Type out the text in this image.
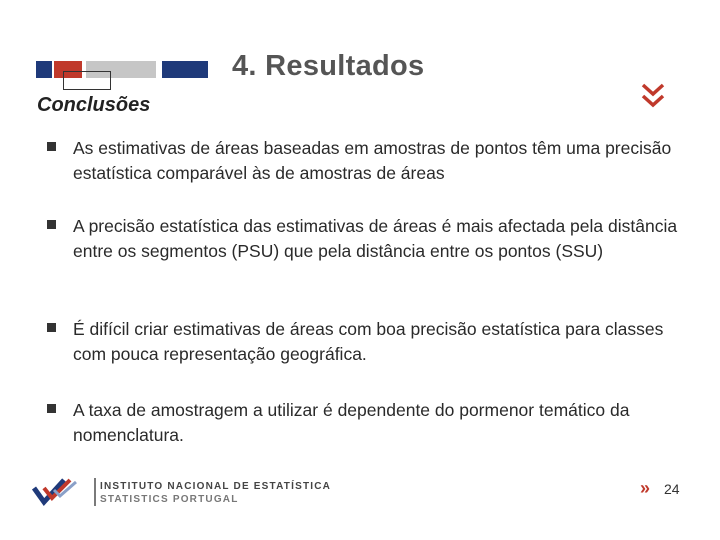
4. Resultados
Conclusões
As estimativas de áreas baseadas em amostras de pontos têm uma precisão estatística comparável às de amostras de áreas
A precisão estatística das estimativas de áreas é mais afectada pela distância entre os segmentos (PSU) que pela distância entre os pontos (SSU)
É difícil criar estimativas de áreas com boa precisão estatística para classes com pouca representação geográfica.
A taxa de amostragem a utilizar é dependente do pormenor temático da nomenclatura.
INSTITUTO NACIONAL DE ESTATÍSTICA
STATISTICS PORTUGAL
» 24
